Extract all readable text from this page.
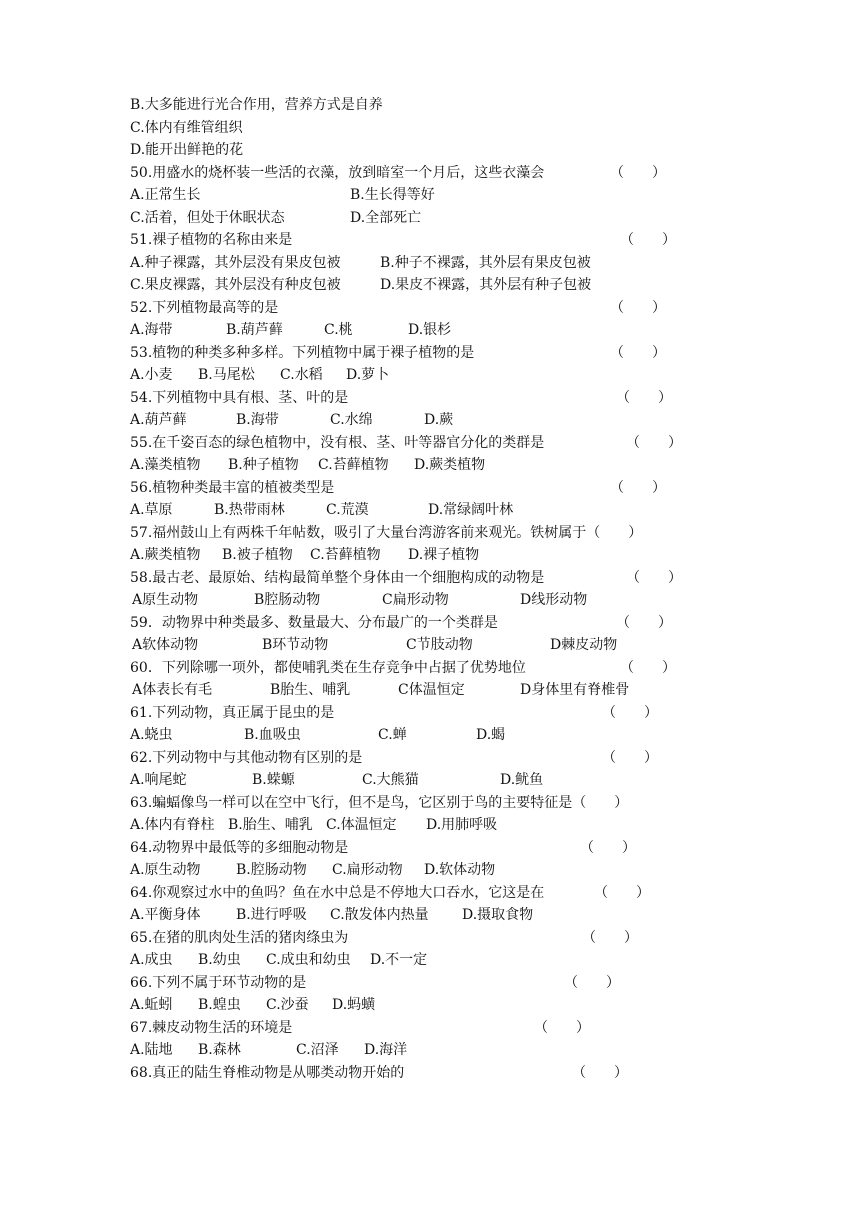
B.大多能进行光合作用，营养方式是自养
C.体内有维管组织
D.能开出鲜艳的花
50.用盛水的烧杯装一些活的衣藻，放到暗室一个月后，这些衣藻会	（　　）
A.正常生长	B.生长得等好
C.活着，但处于休眠状态	D.全部死亡
51.裸子植物的名称由来是	（　　）
A.种子裸露，其外层没有果皮包被	B.种子不裸露，其外层有果皮包被
C.果皮裸露，其外层没有种皮包被	D.果皮不裸露，其外层有种子包被
52.下列植物最高等的是	（　　）
A.海带	B.葫芦藓	C.桃	D.银杉
53.植物的种类多种多样。下列植物中属于裸子植物的是	（　　）
A.小麦 B.马尾松 C.水稻 D.萝卜
54.下列植物中具有根、茎、叶的是	（　　）
A.葫芦藓	B.海带	C.水绵	D.蕨
55.在千姿百态的绿色植物中，没有根、茎、叶等器官分化的类群是	（　　）
A.藻类植物 B.种子植物 C.苔藓植物 D.蕨类植物
56.植物种类最丰富的植被类型是	（　　）
A.草原	B.热带雨林	C.荒漠	D.常绿阔叶林
57.福州鼓山上有两株千年帖数，吸引了大量台湾游客前来观光。铁树属于（　　）
A.蕨类植物 B.被子植物 C.苔藓植物 D.裸子植物
58.最古老、最原始、结构最简单整个身体由一个细胞构成的动物是	（　　）
A原生动物	B腔肠动物	C扁形动物	D线形动物
59．动物界中种类最多、数量最大、分布最广的一个类群是	（　　）
A软体动物	B环节动物	C节肢动物	D棘皮动物
60．下列除哪一项外，都使哺乳类在生存竞争中占据了优势地位	（　　）
A体表长有毛	B胎生、哺乳	C体温恒定	D身体里有脊椎骨
61.下列动物，真正属于昆虫的是	（　　）
A.蛲虫	B.血吸虫	C.蝉	D.蝎
62.下列动物中与其他动物有区别的是	（　　）
A.响尾蛇	B.蝾螈	C.大熊猫	D.鱿鱼
63.蝙蝠像鸟一样可以在空中飞行，但不是鸟，它区别于鸟的主要特征是（　　）
A.体内有脊柱 B.胎生、哺乳 C.体温恒定 D.用肺呼吸
64.动物界中最低等的多细胞动物是	（　　）
A.原生动物	B.腔肠动物 C.扁形动物 D.软体动物
64.你观察过水中的鱼吗？鱼在水中总是不停地大口吞水，它这是在	（　　）
A.平衡身体	B.进行呼吸 C.散发体内热量 D.摄取食物
65.在猪的肌肉处生活的猪肉绦虫为	（　　）
A.成虫 B.幼虫 C.成虫和幼虫 D.不一定
66.下列不属于环节动物的是	（　　）
A.蚯蚓 B.蝗虫 C.沙蚕 D.蚂蟥
67.棘皮动物生活的环境是	（　　）
A.陆地 B.森林	C.沼泽 D.海洋
68.真正的陆生脊椎动物是从哪类动物开始的	（　　）
